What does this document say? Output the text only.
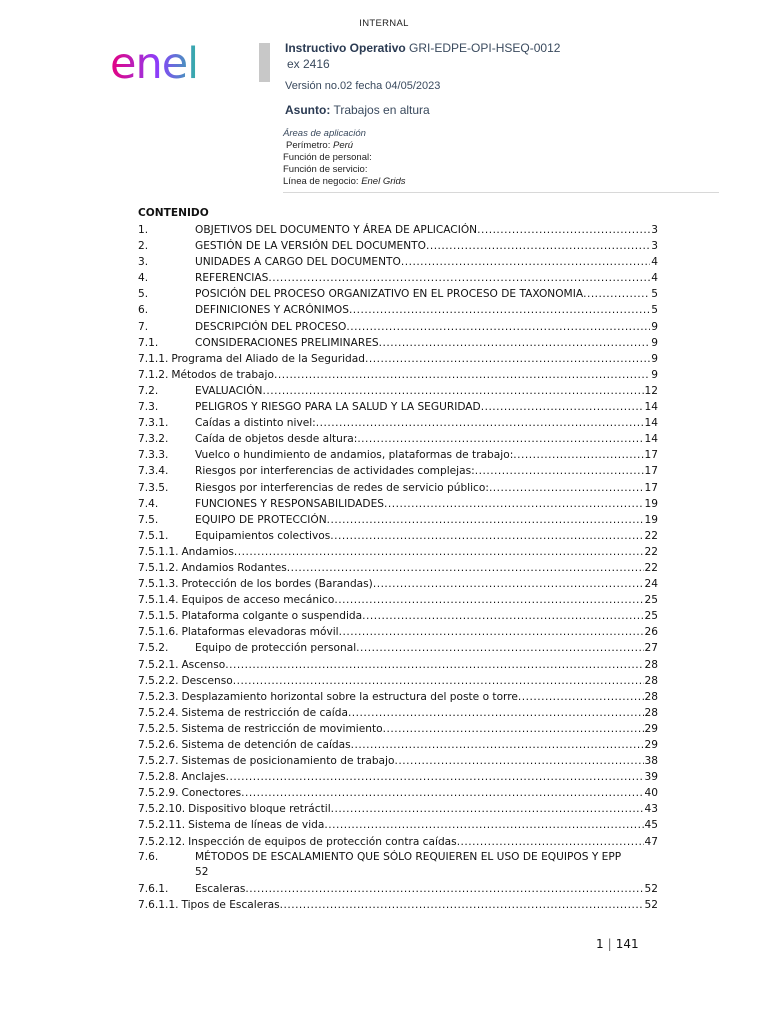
INTERNAL
enel	Instructivo Operativo GRI-EDPE-OPI-HSEQ-0012
ex 2416
Versión no.02 fecha 04/05/2023
Asunto: Trabajos en altura
Áreas de aplicación
Perímetro: Perú
Función de personal:
Función de servicio:
Línea de negocio: Enel Grids
CONTENIDO
1.	OBJETIVOS DEL DOCUMENTO Y ÁREA DE APLICACIÓN .....	3
2.	GESTIÓN DE LA VERSIÓN DEL DOCUMENTO .....	3
3.	UNIDADES A CARGO DEL DOCUMENTO .....	4
4.	REFERENCIAS .....	4
5.	POSICIÓN DEL PROCESO ORGANIZATIVO EN EL PROCESO DE TAXONOMIA .....	5
6.	DEFINICIONES Y ACRÓNIMOS .....	5
7.	DESCRIPCIÓN DEL PROCESO .....	9
7.1.	CONSIDERACIONES PRELIMINARES .....	9
7.1.1. Programa del Aliado de la Seguridad .....	9
7.1.2. Métodos de trabajo .....	9
7.2.	EVALUACIÓN .....	12
7.3.	PELIGROS Y RIESGO PARA LA SALUD Y LA SEGURIDAD .....	14
7.3.1.	Caídas a distinto nivel: .....	14
7.3.2.	Caída de objetos desde altura: .....	14
7.3.3.	Vuelco o hundimiento de andamios, plataformas de trabajo: .....	17
7.3.4.	Riesgos por interferencias de actividades complejas: .....	17
7.3.5.	Riesgos por interferencias de redes de servicio público: .....	17
7.4.	FUNCIONES Y RESPONSABILIDADES .....	19
7.5.	EQUIPO DE PROTECCIÓN .....	19
7.5.1.	Equipamientos colectivos .....	22
7.5.1.1. Andamios .....	22
7.5.1.2. Andamios Rodantes .....	22
7.5.1.3. Protección de los bordes (Barandas) .....	24
7.5.1.4. Equipos de acceso mecánico .....	25
7.5.1.5. Plataforma colgante o suspendida .....	25
7.5.1.6. Plataformas elevadoras móvil .....	26
7.5.2.	Equipo de protección personal .....	27
7.5.2.1. Ascenso .....	28
7.5.2.2. Descenso .....	28
7.5.2.3. Desplazamiento horizontal sobre la estructura del poste o torre .....	28
7.5.2.4. Sistema de restricción de caída .....	28
7.5.2.5. Sistema de restricción de movimiento .....	29
7.5.2.6. Sistema de detención de caídas .....	29
7.5.2.7. Sistemas de posicionamiento de trabajo .....	38
7.5.2.8. Anclajes .....	39
7.5.2.9. Conectores .....	40
7.5.2.10. Dispositivo bloque retráctil .....	43
7.5.2.11. Sistema de líneas de vida .....	45
7.5.2.12. Inspección de equipos de protección contra caídas .....	47
7.6.	MÉTODOS DE ESCALAMIENTO QUE SÓLO REQUIEREN EL USO DE EQUIPOS Y EPP
52
7.6.1.	Escaleras .....	52
7.6.1.1. Tipos de Escaleras .....	52
1 | 141
